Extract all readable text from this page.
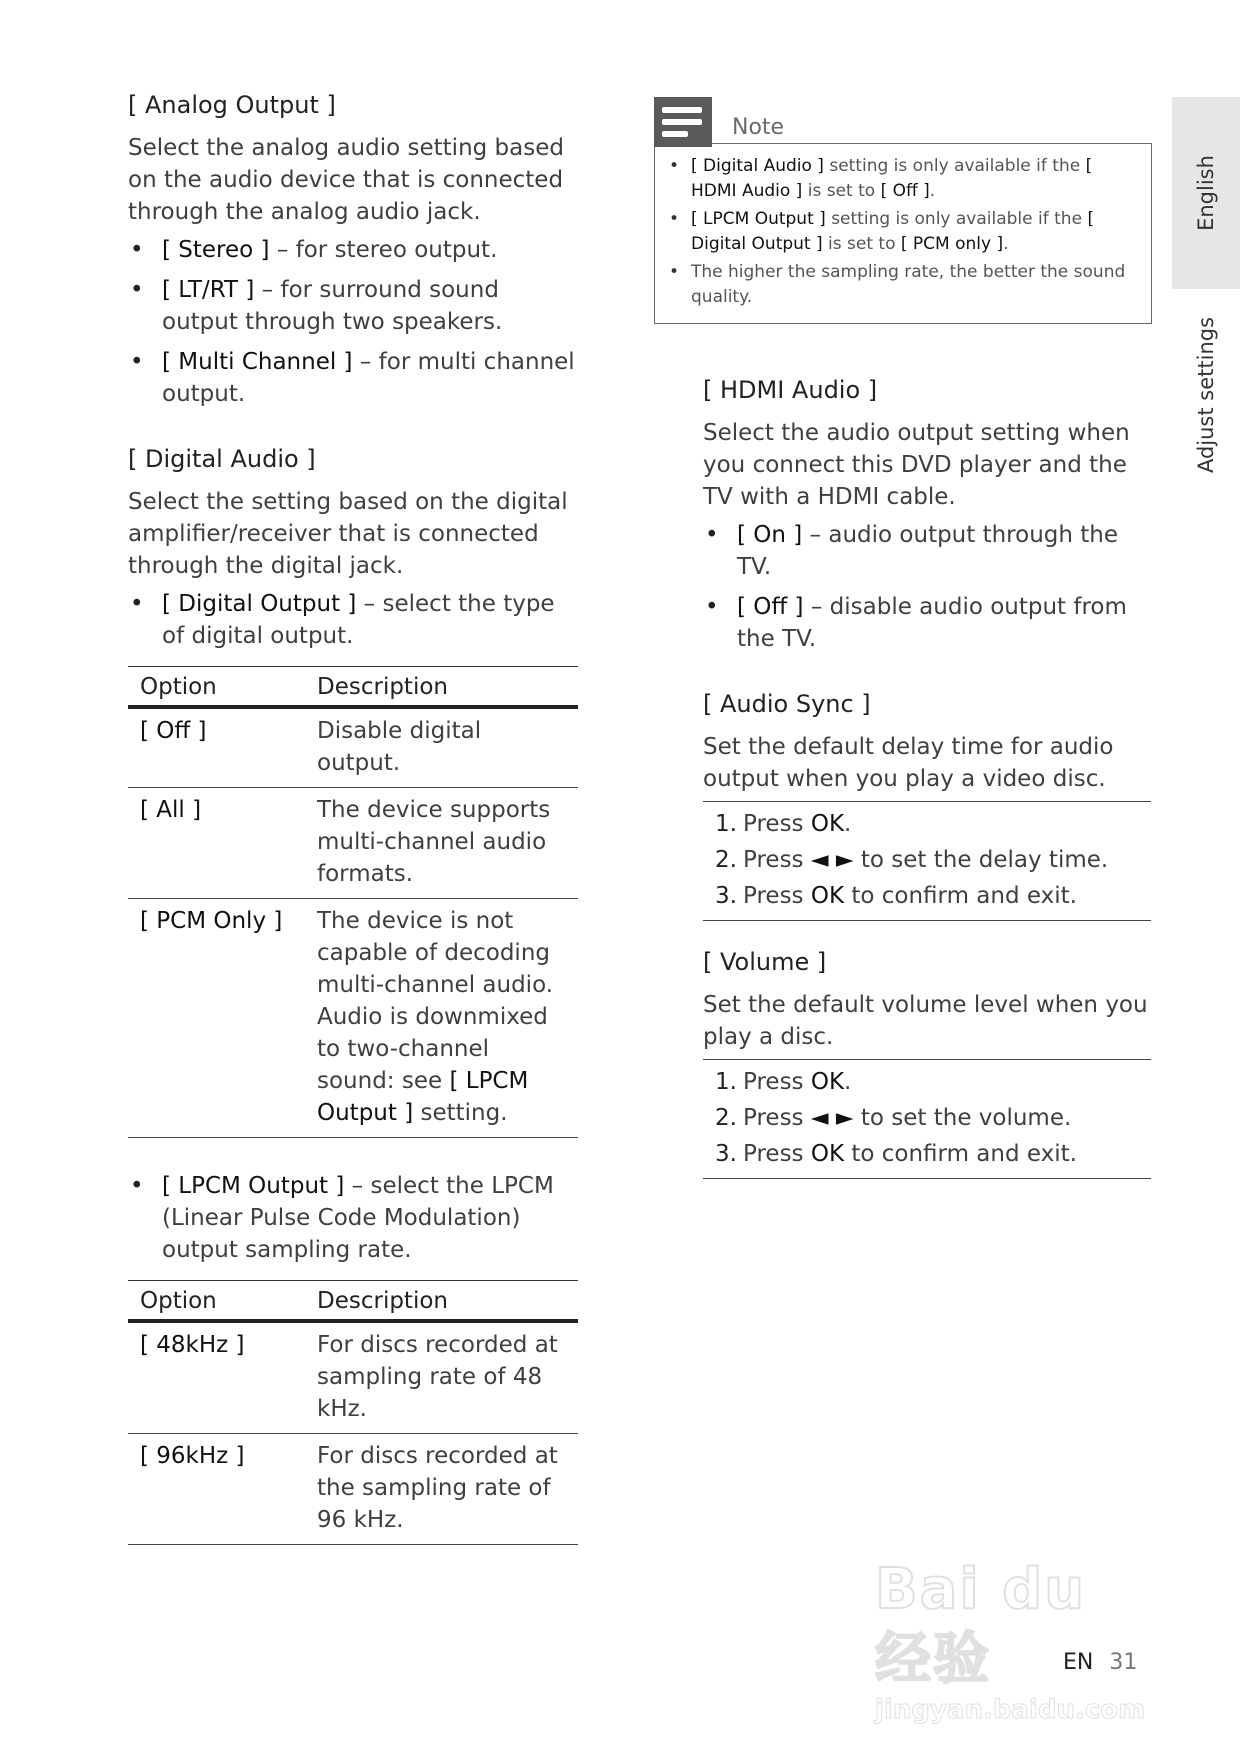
[ Analog Output ]

Select the analog audio setting based on the audio device that is connected through the analog audio jack.

• [ Stereo ] – for stereo output.
• [ LT/RT ] – for surround sound output through two speakers.
• [ Multi Channel ] – for multi channel output.
[ Digital Audio ]

Select the setting based on the digital amplifier/receiver that is connected through the digital jack.

• [ Digital Output ] – select the type of digital output.
Option	Description
[ Off ]	Disable digital output.
[ All ]	The device supports multi-channel audio formats.
[ PCM Only ]	The device is not capable of decoding multi-channel audio. Audio is downmixed to two-channel sound: see [ LPCM Output ] setting.
• [ LPCM Output ] – select the LPCM (Linear Pulse Code Modulation) output sampling rate.
Option	Description
[ 48kHz ]	For discs recorded at sampling rate of 48 kHz.
[ 96kHz ]	For discs recorded at the sampling rate of 96 kHz.
Note
• [ Digital Audio ] setting is only available if the [ HDMI Audio ] is set to [ Off ].
• [ LPCM Output ] setting is only available if the [ Digital Output ] is set to [ PCM only ].
• The higher the sampling rate, the better the sound quality.
[ HDMI Audio ]

Select the audio output setting when you connect this DVD player and the TV with a HDMI cable.

• [ On ] – audio output through the TV.
• [ Off ] – disable audio output from the TV.
[ Audio Sync ]

Set the default delay time for audio output when you play a video disc.

1. Press
OK .
2. Press
◄ ► to set the delay time.
3. Press
OK to confirm and exit.
[ Volume ]

Set the default volume level when you play a disc.

1. Press
OK .
2. Press
◄ ► to set the volume.
3. Press
OK to confirm and exit.
English
Adjust settings
Bai du 经验
jingyan.baidu.com
EN 31
